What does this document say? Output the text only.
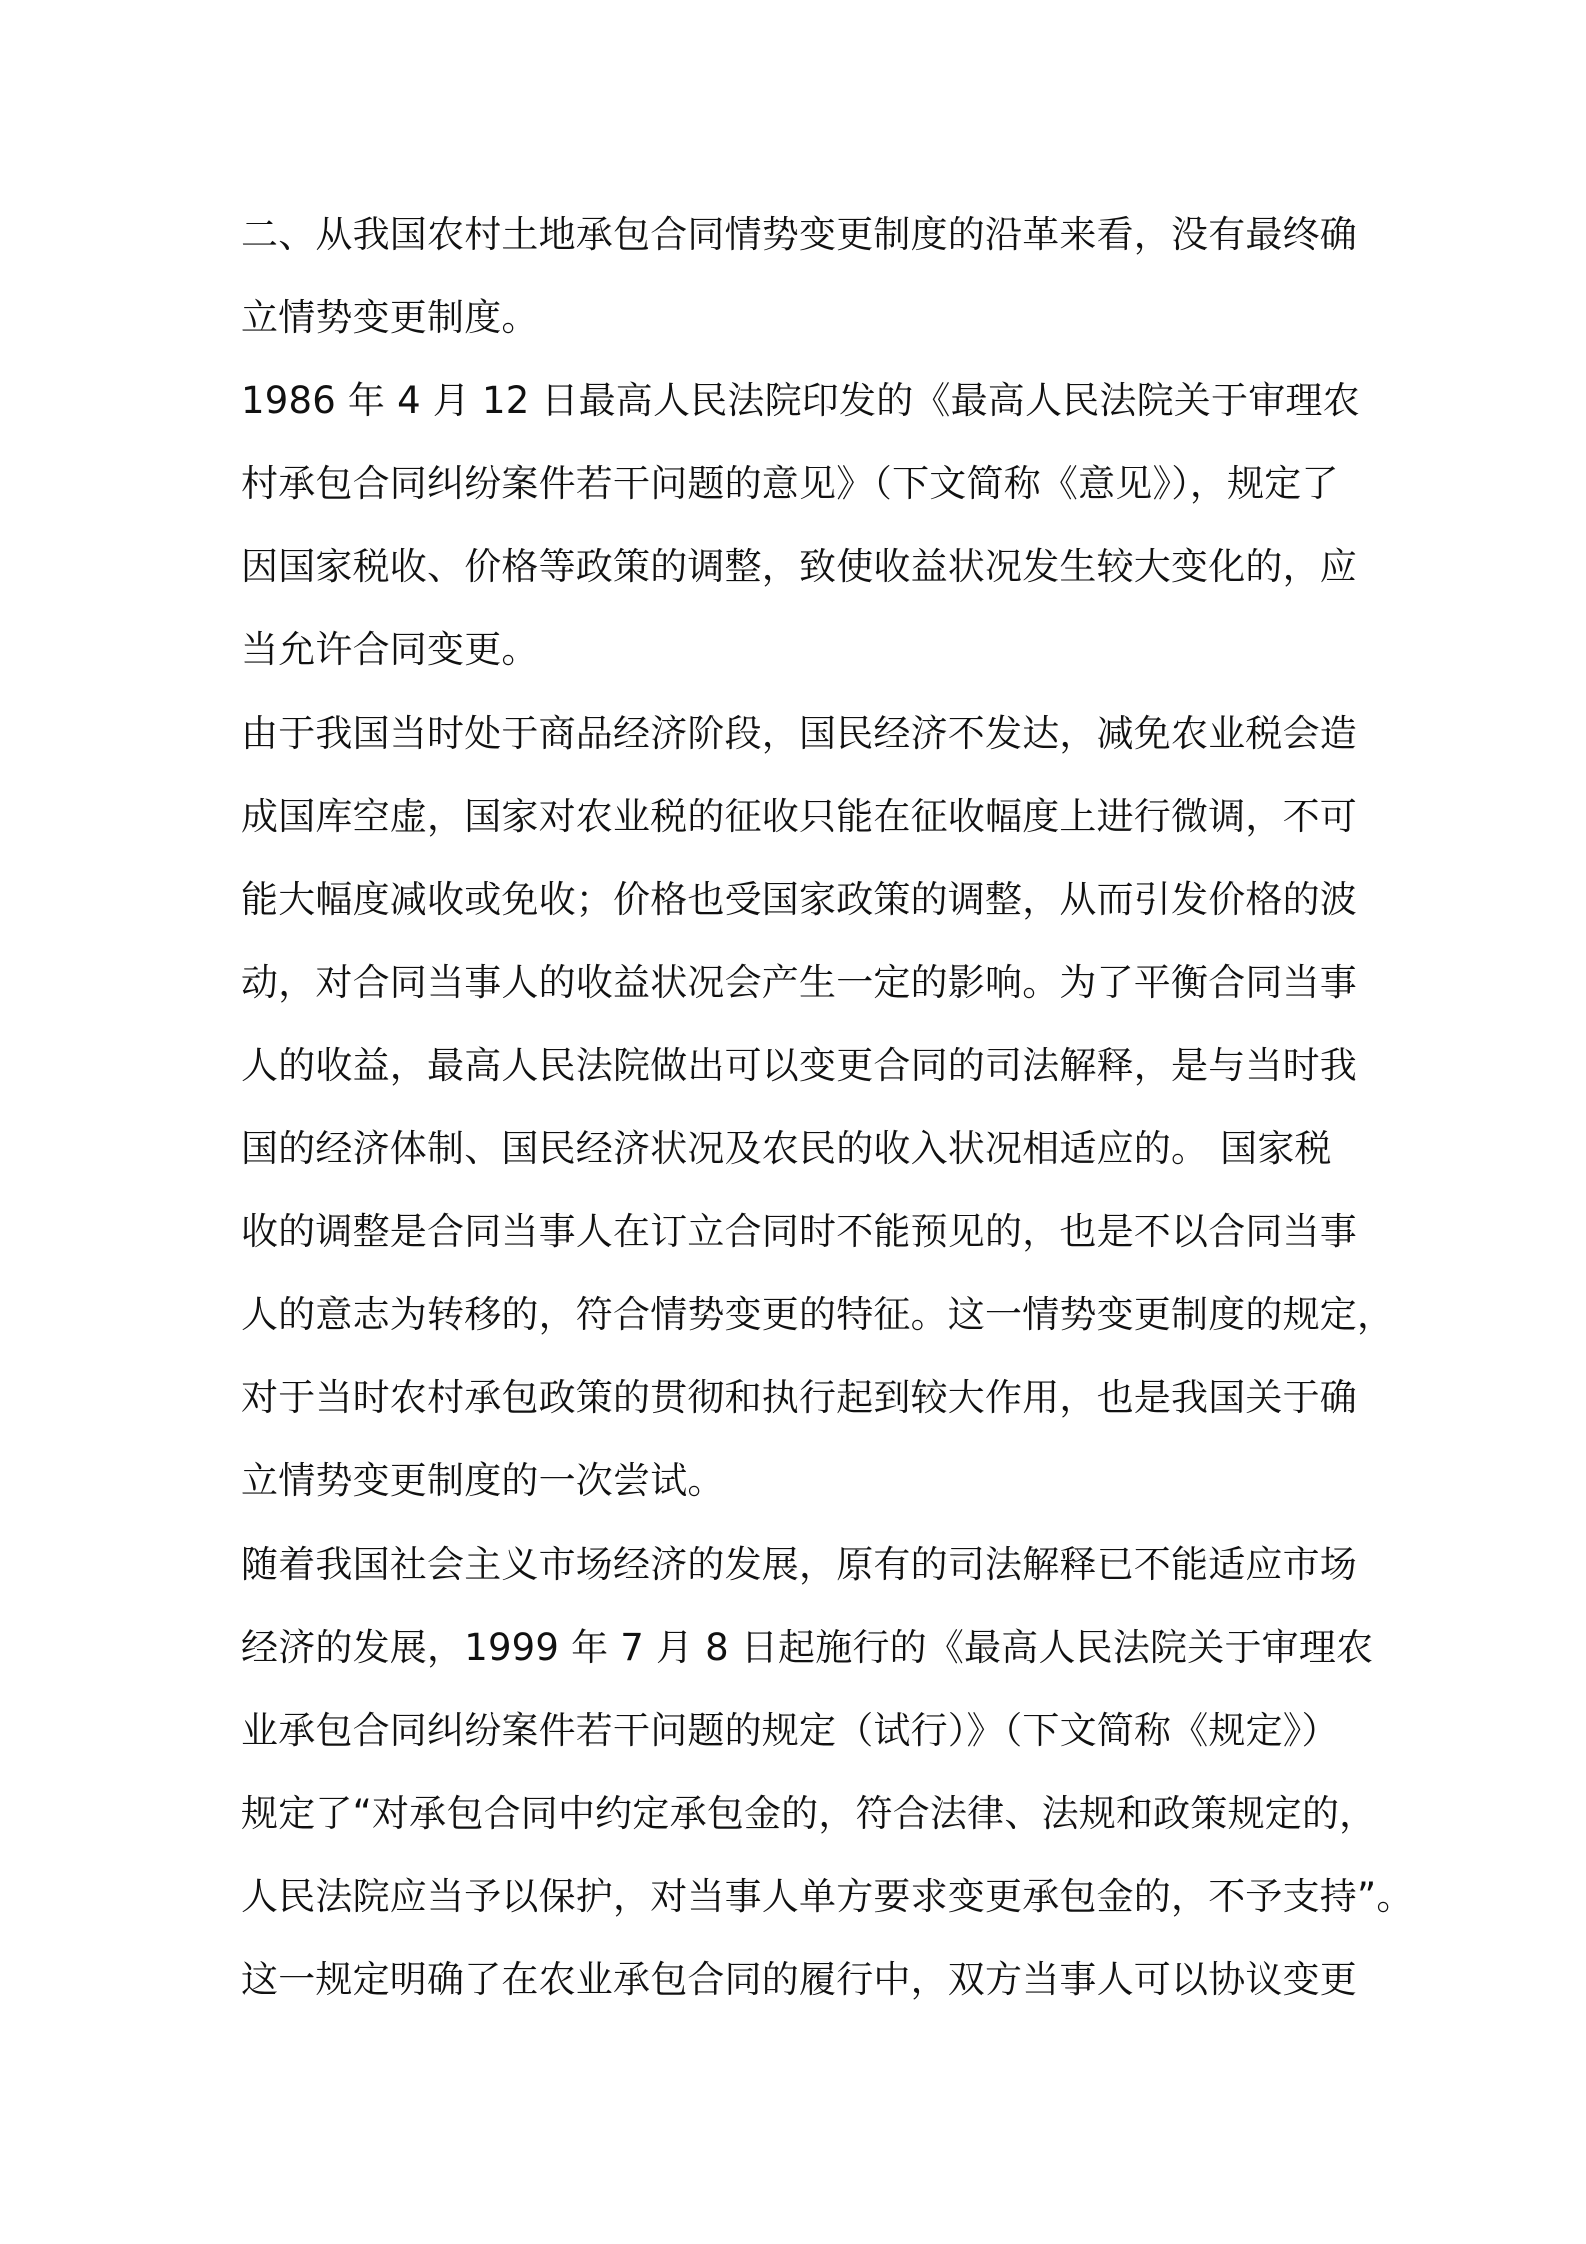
二、从我国农村土地承包合同情势变更制度的沿革来看，没有最终确
立情势变更制度。
1986 年 4 月 12 日最高人民法院印发的《最高人民法院关于审理农
村承包合同纠纷案件若干问题的意见》（下文简称《意见》），规定了
因国家税收、价格等政策的调整，致使收益状况发生较大变化的，应
当允许合同变更。
由于我国当时处于商品经济阶段，国民经济不发达，减免农业税会造
成国库空虚，国家对农业税的征收只能在征收幅度上进行微调，不可
能大幅度减收或免收；价格也受国家政策的调整，从而引发价格的波
动，对合同当事人的收益状况会产生一定的影响。为了平衡合同当事
人的收益，最高人民法院做出可以变更合同的司法解释，是与当时我
国的经济体制、国民经济状况及农民的收入状况相适应的。 国家税
收的调整是合同当事人在订立合同时不能预见的，也是不以合同当事
人的意志为转移的，符合情势变更的特征。这一情势变更制度的规定，
对于当时农村承包政策的贯彻和执行起到较大作用，也是我国关于确
立情势变更制度的一次尝试。
随着我国社会主义市场经济的发展，原有的司法解释已不能适应市场
经济的发展，1999 年 7 月 8 日起施行的《最高人民法院关于审理农
业承包合同纠纷案件若干问题的规定（试行）》（下文简称《规定》）
规定了“对承包合同中约定承包金的，符合法律、法规和政策规定的，
人民法院应当予以保护，对当事人单方要求变更承包金的，不予支持”。
这一规定明确了在农业承包合同的履行中，双方当事人可以协议变更
